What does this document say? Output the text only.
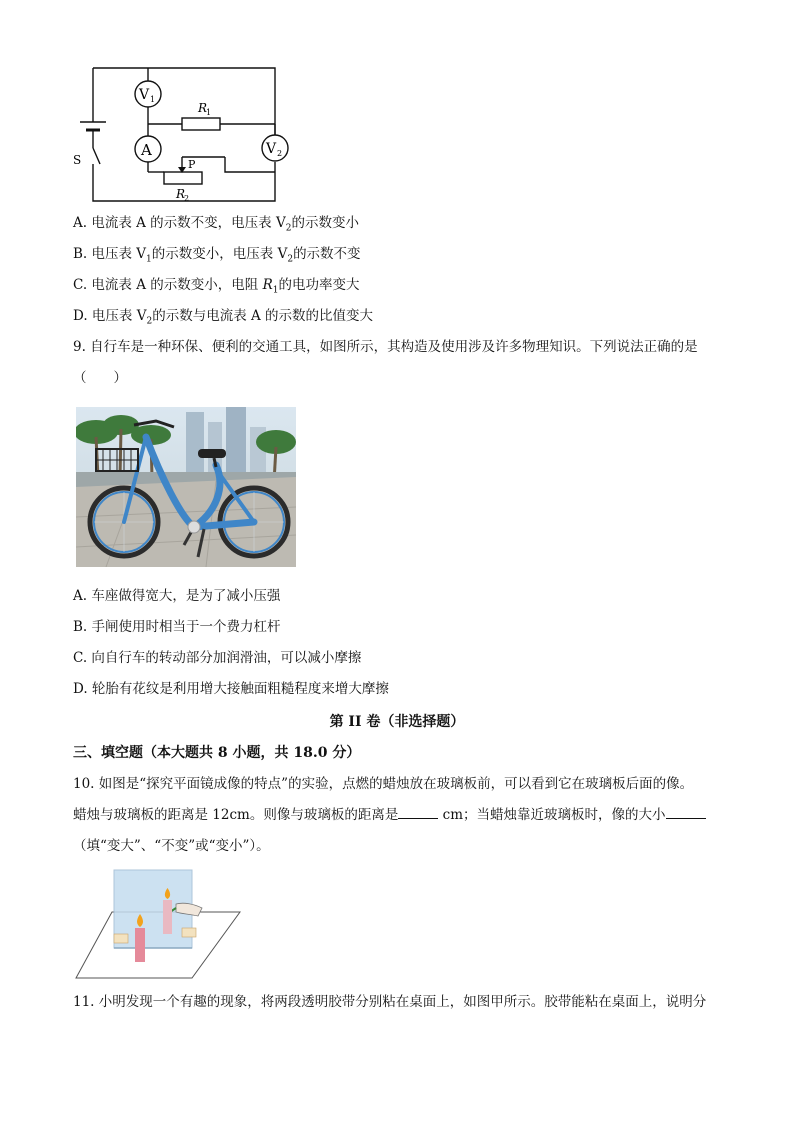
V 1
A	V 2
R
1
P
R
2
S
A. 电流表 A 的示数不变，电压表 $V_2$的示数变小
B. 电压表 $V_1$的示数变小，电压表 $V_2$的示数不变
C. 电流表 A 的示数变小，电阻 $R_1$的电功率变大
D. 电压表 $V_2$的示数与电流表 A 的示数的比值变大
9. 自行车是一种环保、便利的交通工具，如图所示，其构造及使用涉及许多物理知识。下列说法正确的是
（　　）
A. 车座做得宽大，是为了减小压强
B. 手闸使用时相当于一个费力杠杆
C. 向自行车的转动部分加润滑油，可以减小摩擦
D. 轮胎有花纹是利用增大接触面粗糙程度来增大摩擦
第 II 卷（非选择题）
三、填空题（本大题共 8 小题，共 18.0 分）
10. 如图是“探究平面镜成像的特点”的实验，点燃的蜡烛放在玻璃板前，可以看到它在玻璃板后面的像。
蜡烛与玻璃板的距离是 12cm。则像与玻璃板的距离是	cm；当蜡烛靠近玻璃板时，像的大小
（填“变大”、“不变”或“变小”）。
11. 小明发现一个有趣的现象，将两段透明胶带分别粘在桌面上，如图甲所示。胶带能粘在桌面上，说明分
